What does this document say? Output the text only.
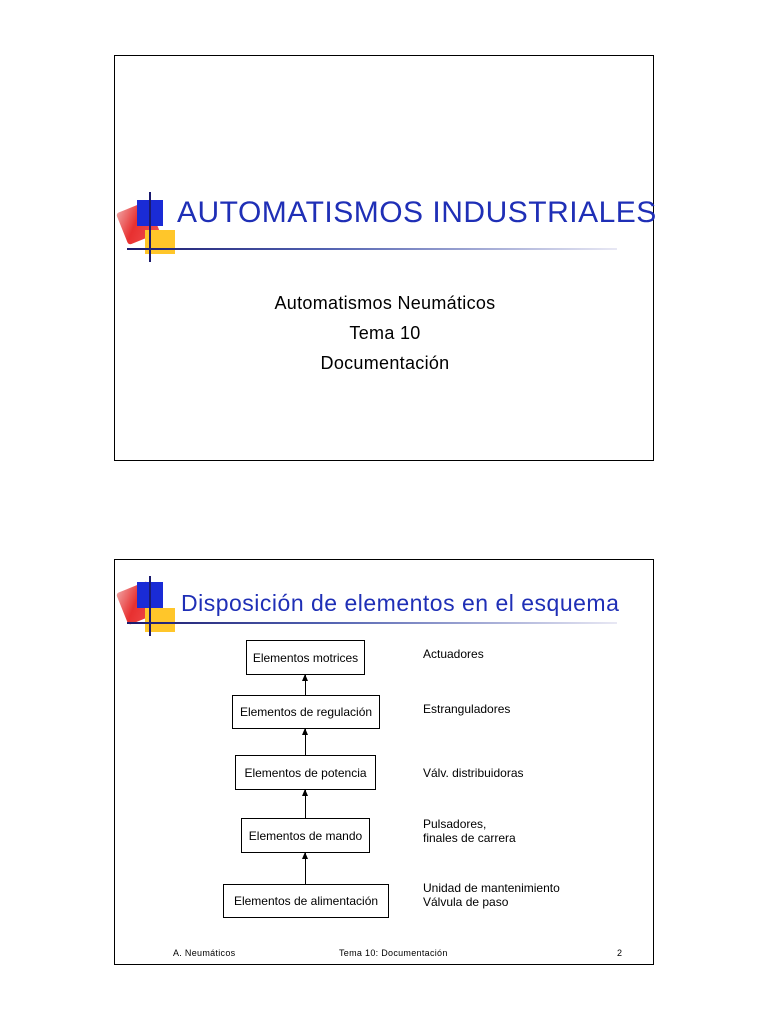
AUTOMATISMOS INDUSTRIALES
Automatismos Neumáticos
Tema 10
Documentación
Disposición de elementos en el esquema
Elementos motrices
Elementos de regulación
Elementos de potencia
Elementos de mando
Elementos de alimentación
Actuadores
Estranguladores
Válv. distribuidoras
Pulsadores,
finales de carrera
Unidad de mantenimiento
Válvula de paso
A. Neumáticos	Tema 10: Documentación	2
